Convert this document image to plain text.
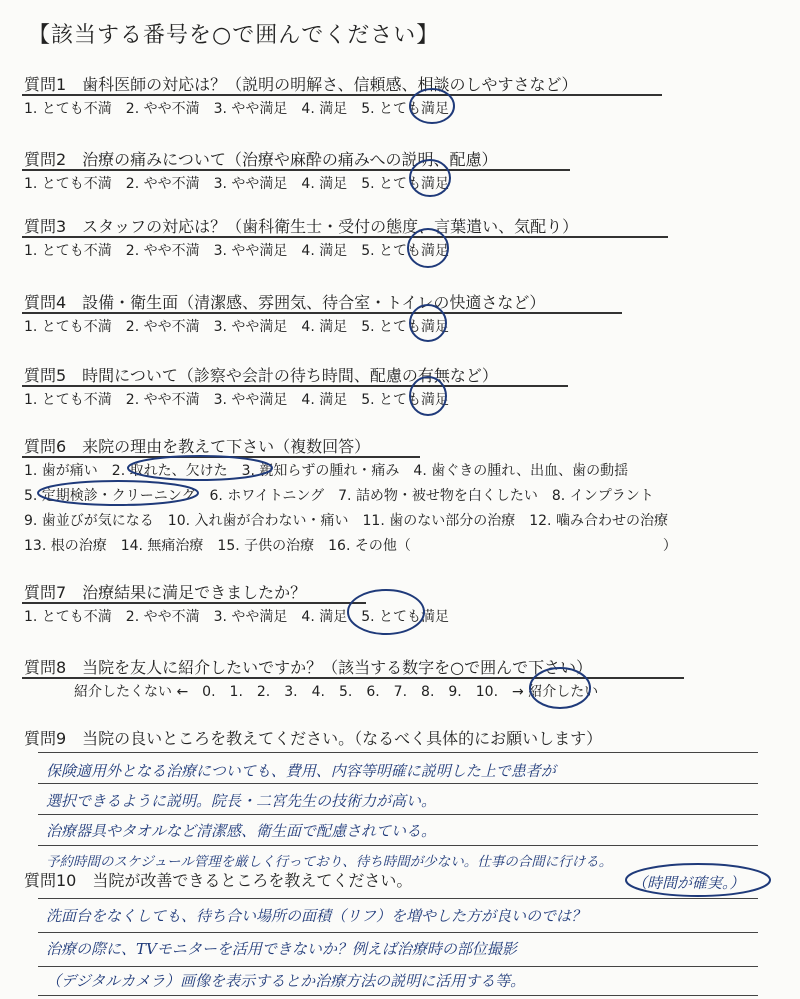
【該当する番号を○で囲んでください】
質問1　歯科医師の対応は？（説明の明解さ、信頼感、相談のしやすさなど）
1. とても不満　2. やや不満　3. やや満足　4. 満足　5. とても満足
質問2　治療の痛みについて（治療や麻酔の痛みへの説明、配慮）
1. とても不満　2. やや不満　3. やや満足　4. 満足　5. とても満足
質問3　スタッフの対応は？（歯科衛生士・受付の態度、言葉遣い、気配り）
1. とても不満　2. やや不満　3. やや満足　4. 満足　5. とても満足
質問4　設備・衛生面（清潔感、雰囲気、待合室・トイレの快適さなど）
1. とても不満　2. やや不満　3. やや満足　4. 満足　5. とても満足
質問5　時間について（診察や会計の待ち時間、配慮の有無など）
1. とても不満　2. やや不満　3. やや満足　4. 満足　5. とても満足
質問6　来院の理由を教えて下さい（複数回答）
1. 歯が痛い　2. 取れた、欠けた　3. 親知らずの腫れ・痛み　4. 歯ぐきの腫れ、出血、歯の動揺
5. 定期検診・クリーニング　6. ホワイトニング　7. 詰め物・被せ物を白くしたい　8. インプラント
9. 歯並びが気になる　10. 入れ歯が合わない・痛い　11. 歯のない部分の治療　12. 噛み合わせの治療
13. 根の治療　14. 無痛治療　15. 子供の治療　16. その他（　　　　　　　　　　　　　　　　　　）
質問7　治療結果に満足できましたか？
1. とても不満　2. やや不満　3. やや満足　4. 満足　5. とても満足
質問8　当院を友人に紹介したいですか？（該当する数字を○で囲んで下さい）
紹介したくない ←　0.　1.　2.　3.　4.　5.　6.　7.　8.　9.　10.　→ 紹介したい
質問9　当院の良いところを教えてください。（なるべく具体的にお願いします）
保険適用外となる治療についても、費用、内容等明確に説明した上で患者が
選択できるように説明。院長・二宮先生の技術力が高い。
治療器具やタオルなど清潔感、衛生面で配慮されている。
予約時間のスケジュール管理を厳しく行っており、待ち時間が少ない。仕事の合間に行ける。
（時間が確実。）
質問10　当院が改善できるところを教えてください。
洗面台をなくしても、待ち合い場所の面積（リフ）を増やした方が良いのでは？
治療の際に、TVモニターを活用できないか？例えば治療時の部位撮影
（デジタルカメラ）画像を表示するとか治療方法の説明に活用する等。
